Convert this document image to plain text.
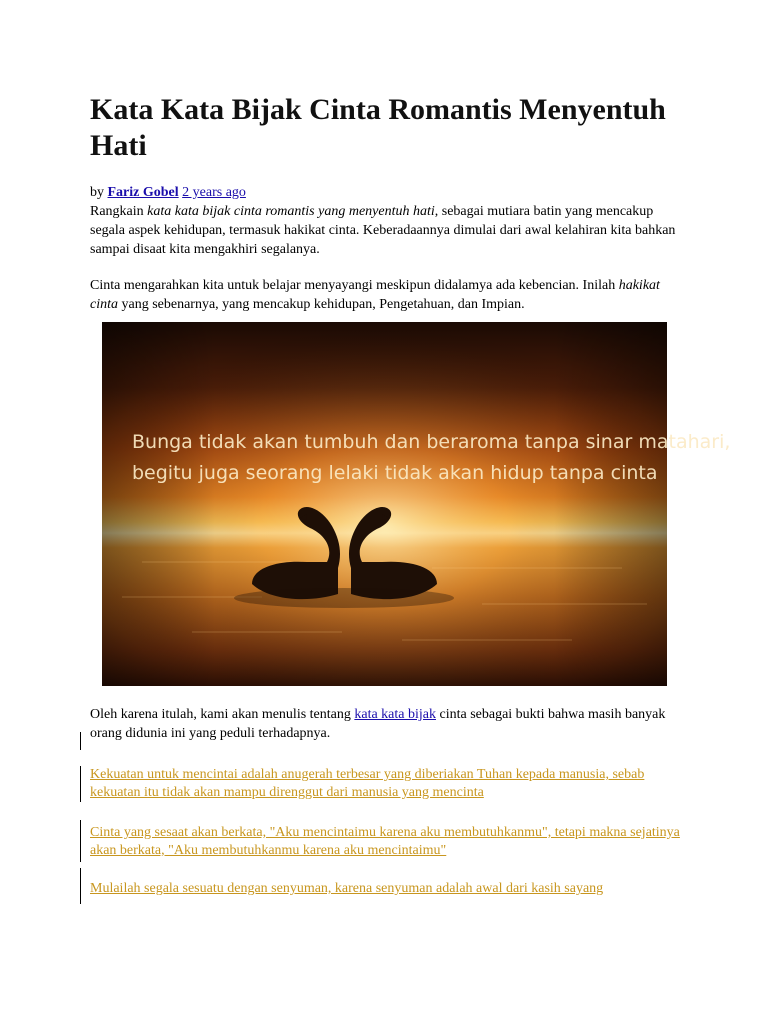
Kata Kata Bijak Cinta Romantis Menyentuh Hati
by Fariz Gobel 2 years ago

Rangkain kata kata bijak cinta romantis yang menyentuh hati, sebagai mutiara batin yang mencakup segala aspek kehidupan, termasuk hakikat cinta. Keberadaannya dimulai dari awal kelahiran kita bahkan sampai disaat kita mengakhiri segalanya.

Cinta mengarahkan kita untuk belajar menyayangi meskipun didalamya ada kebencian. Inilah hakikat cinta yang sebenarnya, yang mencakup kehidupan, Pengetahuan, dan Impian.

Bunga tidak akan tumbuh dan beraroma tanpa sinar matahari,
begitu juga seorang lelaki tidak akan hidup tanpa cinta

Oleh karena itulah, kami akan menulis tentang kata kata bijak cinta sebagai bukti bahwa masih banyak orang didunia ini yang peduli terhadapnya.

Kekuatan untuk mencintai adalah anugerah terbesar yang diberiakan Tuhan kepada manusia, sebab kekuatan itu tidak akan mampu direnggut dari manusia yang mencinta
Cinta yang sesaat akan berkata, "Aku mencintaimu karena aku membutuhkanmu", tetapi makna sejatinya akan berkata, "Aku membutuhkanmu karena aku mencintaimu"
Mulailah segala sesuatu dengan senyuman, karena senyuman adalah awal dari kasih sayang
